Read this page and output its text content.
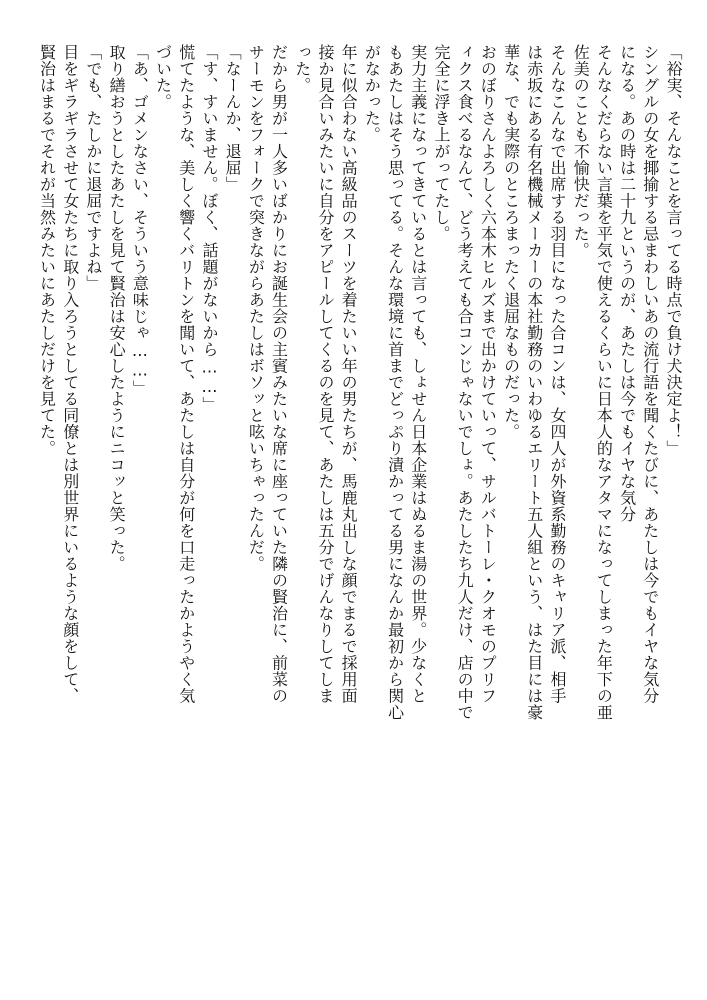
「裕実、そんなことを言ってる時点で負け犬決定よ！」

シングルの女を揶揄する忌まわしいあの流行語を聞くたびに、あたしは今でもイヤな気分

になる。あの時は二十九というのが、あたしは今でもイヤな気分

そんなくだらない言葉を平気で使えるくらいに日本人的なアタマになってしまった年下の亜

佐美のことも不愉快だった。

そんなこんなで出席する羽目になった合コンは、女四人が外資系勤務のキャリア派、相手

は赤坂にある有名機械メーカーの本社勤務のいわゆるエリート五人組という、はた目には豪

華な、でも実際のところまったく退屈なものだった。

おのぼりさんよろしく六本木ヒルズまで出かけていって、サルバトーレ・クオモのプリフ

ィクス食べるなんて、どう考えても合コンじゃないでしょ。あたしたち九人だけ、店の中で

完全に浮き上がってたし。

実力主義になってきているとは言っても、しょせん日本企業はぬるま湯の世界。少なくと

もあたしはそう思ってる。そんな環境に首までどっぷり漬かってる男になんか最初から関心

がなかった。

年に似合わない高級品のスーツを着たいい年の男たちが、馬鹿丸出しな顔でまるで採用面

接か見合いみたいに自分をアピールしてくるのを見て、あたしは五分でげんなりしてしま

った。

だから男が一人多いばかりにお誕生会の主賓みたいな席に座っていた隣の賢治に、前菜の

サーモンをフォークで突きながらあたしはボソッと呟いちゃったんだ。

「なーんか、退屈」

「す、すいません。ぼく、話題がないから……」

慌てたような、美しく響くバリトンを聞いて、あたしは自分が何を口走ったかようやく気

づいた。

「あ、ゴメンなさい、そういう意味じゃ……」

取り繕おうとしたあたしを見て賢治は安心したようにニコッと笑った。

「でも、たしかに退屈ですよね」

目をギラギラさせて女たちに取り入ろうとしてる同僚とは別世界にいるような顔をして、

賢治はまるでそれが当然みたいにあたしだけを見てた。
